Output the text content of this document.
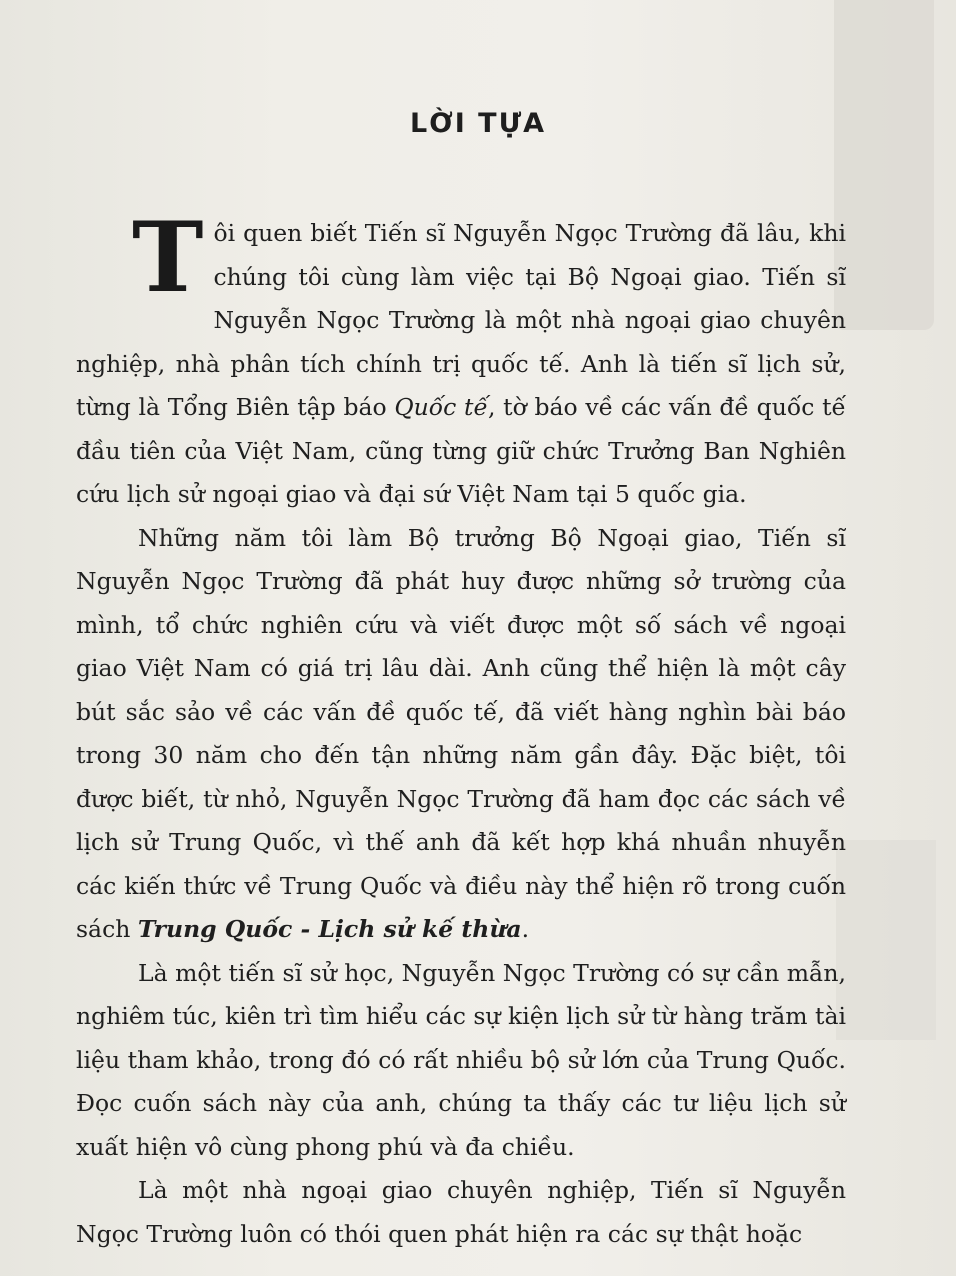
LỜI TỰA

Tôi quen biết Tiến sĩ Nguyễn Ngọc Trường đã lâu, khi chúng tôi cùng làm việc tại Bộ Ngoại giao. Tiến sĩ Nguyễn Ngọc Trường là một nhà ngoại giao chuyên nghiệp, nhà phân tích chính trị quốc tế. Anh là tiến sĩ lịch sử, từng là Tổng Biên tập báo Quốc tế, tờ báo về các vấn đề quốc tế đầu tiên của Việt Nam, cũng từng giữ chức Trưởng Ban Nghiên cứu lịch sử ngoại giao và đại sứ Việt Nam tại 5 quốc gia.

Những năm tôi làm Bộ trưởng Bộ Ngoại giao, Tiến sĩ Nguyễn Ngọc Trường đã phát huy được những sở trường của mình, tổ chức nghiên cứu và viết được một số sách về ngoại giao Việt Nam có giá trị lâu dài. Anh cũng thể hiện là một cây bút sắc sảo về các vấn đề quốc tế, đã viết hàng nghìn bài báo trong 30 năm cho đến tận những năm gần đây. Đặc biệt, tôi được biết, từ nhỏ, Nguyễn Ngọc Trường đã ham đọc các sách về lịch sử Trung Quốc, vì thế anh đã kết hợp khá nhuần nhuyễn các kiến thức về Trung Quốc và điều này thể hiện rõ trong cuốn sách Trung Quốc - Lịch sử kế thừa.

Là một tiến sĩ sử học, Nguyễn Ngọc Trường có sự cần mẫn, nghiêm túc, kiên trì tìm hiểu các sự kiện lịch sử từ hàng trăm tài liệu tham khảo, trong đó có rất nhiều bộ sử lớn của Trung Quốc. Đọc cuốn sách này của anh, chúng ta thấy các tư liệu lịch sử xuất hiện vô cùng phong phú và đa chiều.

Là một nhà ngoại giao chuyên nghiệp, Tiến sĩ Nguyễn Ngọc Trường luôn có thói quen phát hiện ra các sự thật hoặc
